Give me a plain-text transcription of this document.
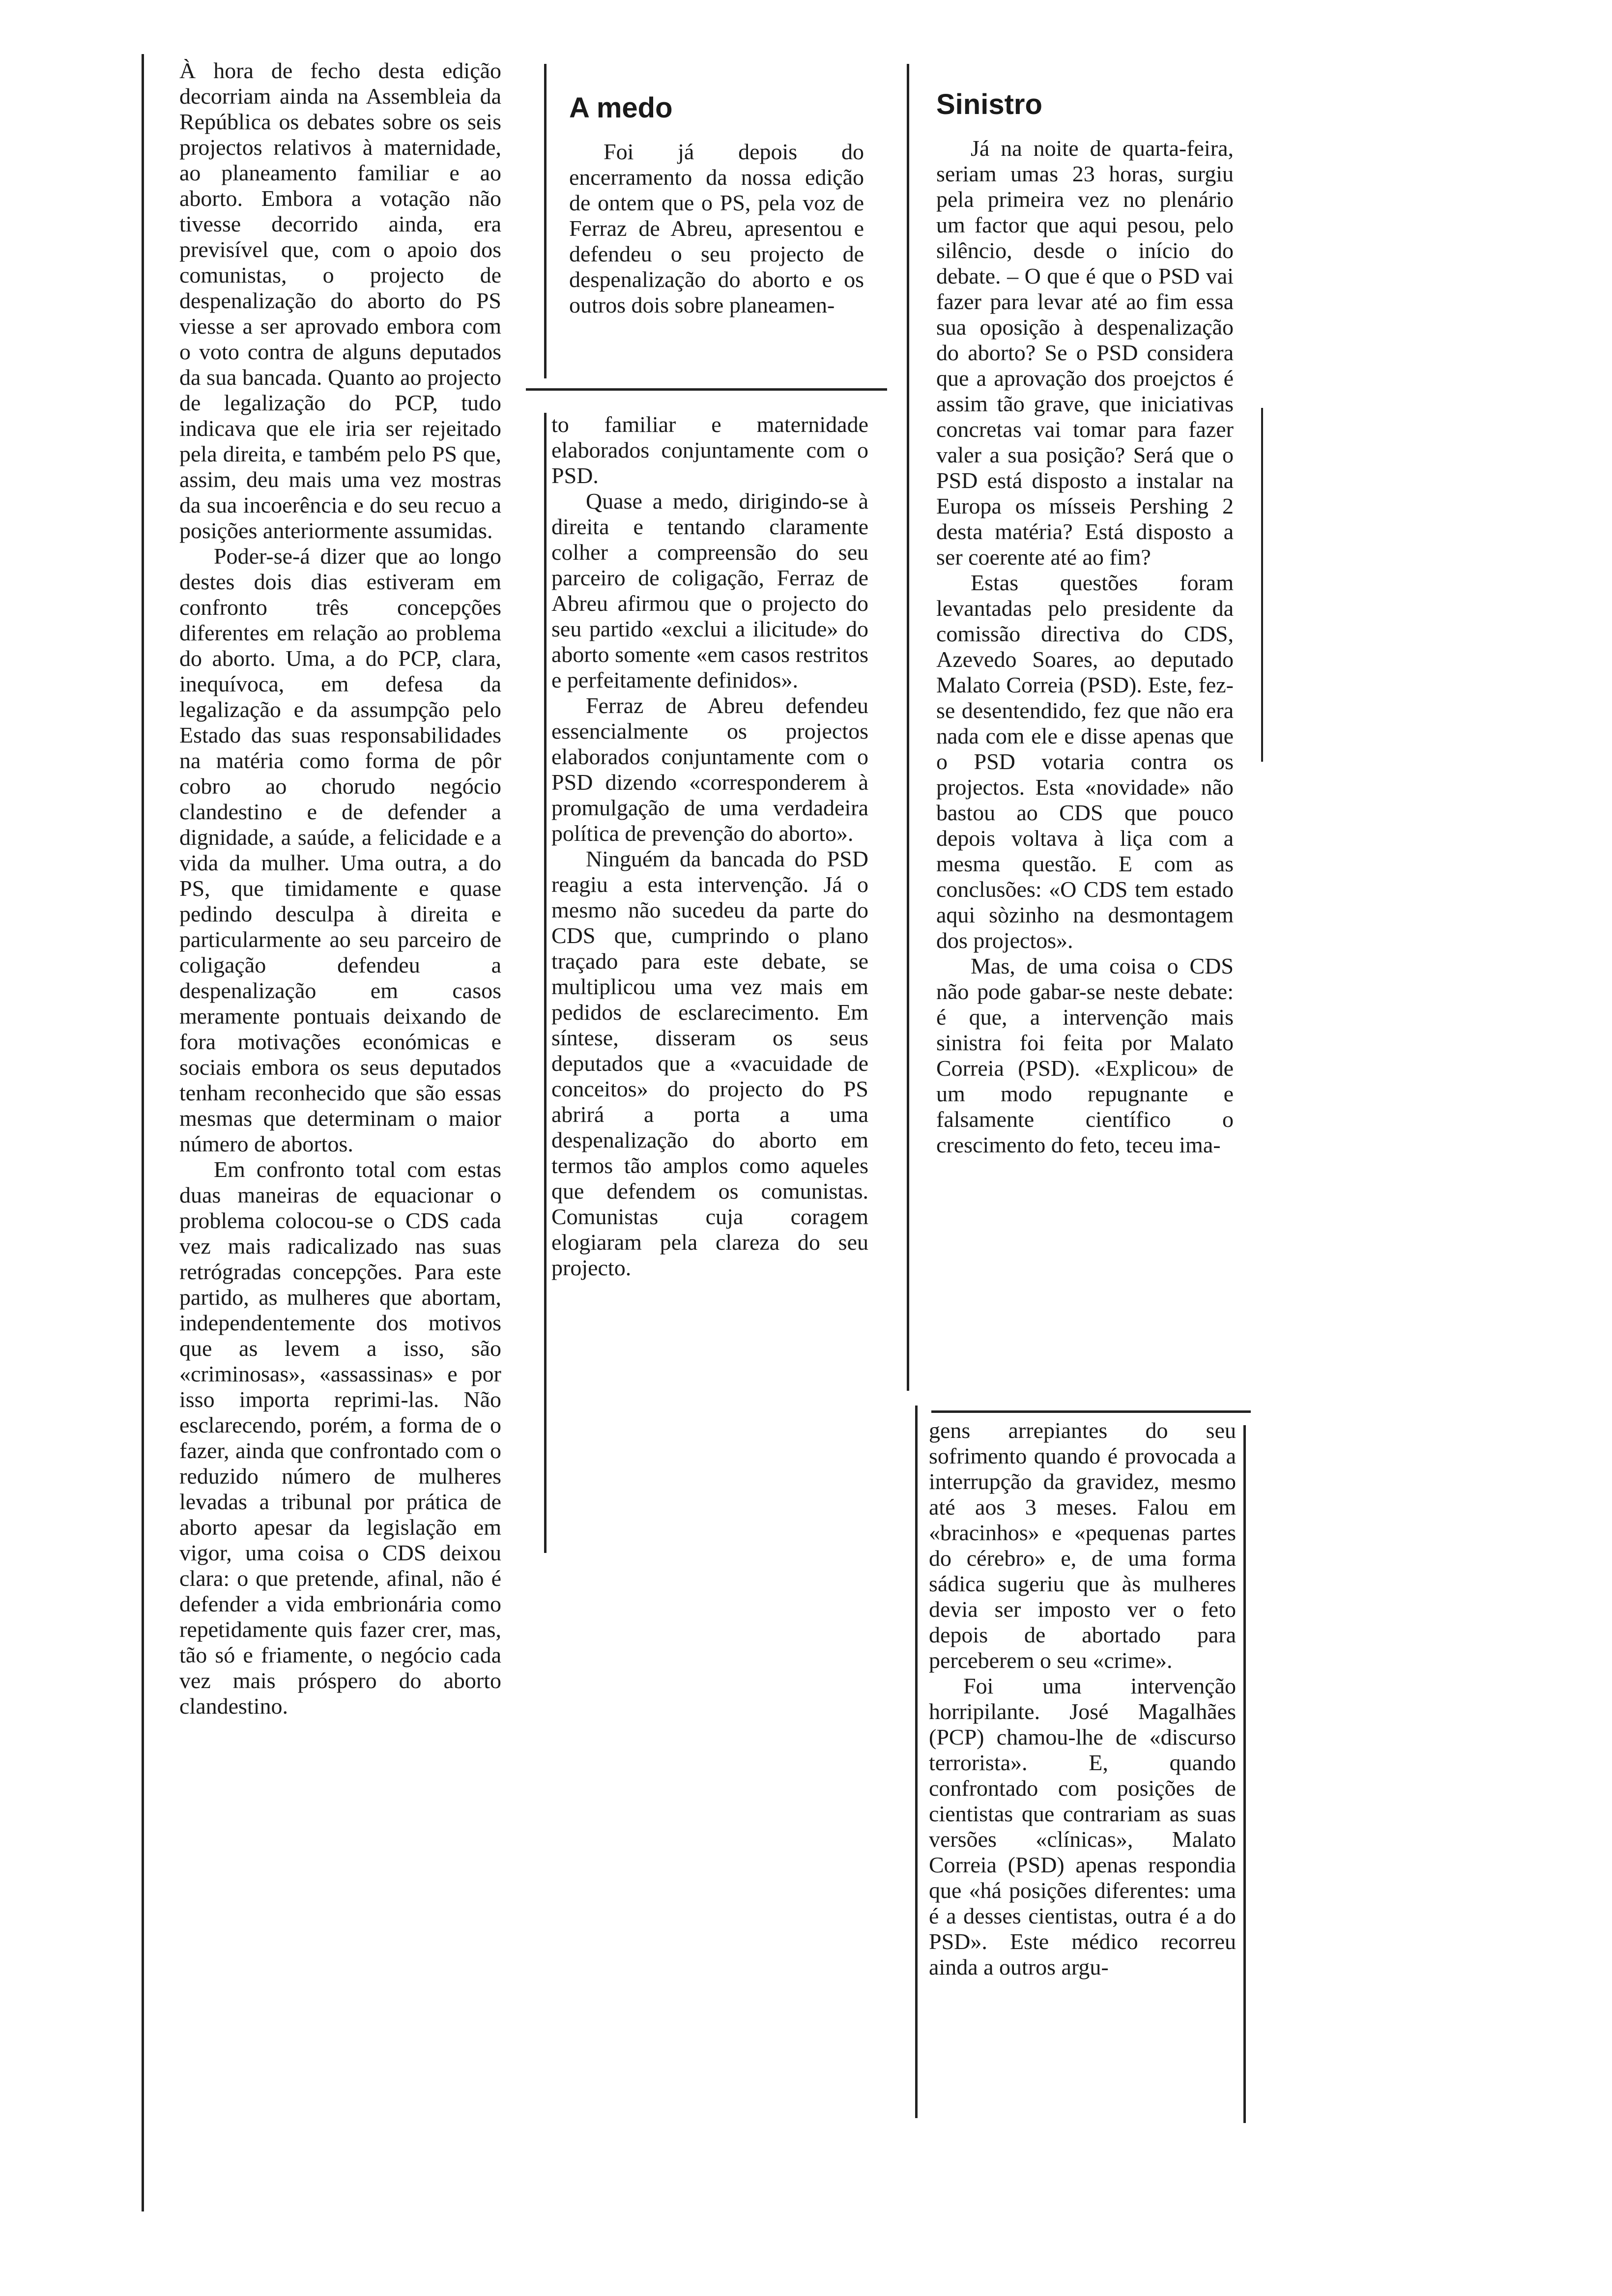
À hora de fecho desta edição decorriam ainda na Assembleia da República os debates sobre os seis projectos relativos à maternidade, ao planeamento familiar e ao aborto. Embora a votação não tivesse decorrido ainda, era previsível que, com o apoio dos comunistas, o projecto de despenalização do aborto do PS viesse a ser aprovado embora com o voto contra de alguns deputados da sua bancada. Quanto ao projecto de legalização do PCP, tudo indicava que ele iria ser rejeitado pela direita, e também pelo PS que, assim, deu mais uma vez mostras da sua incoerência e do seu recuo a posições anteriormente assumidas.

Poder-se-á dizer que ao longo destes dois dias estiveram em confronto três concepções diferentes em relação ao problema do aborto. Uma, a do PCP, clara, inequívoca, em defesa da legalização e da assumpção pelo Estado das suas responsabilidades na matéria como forma de pôr cobro ao chorudo negócio clandestino e de defender a dignidade, a saúde, a felicidade e a vida da mulher. Uma outra, a do PS, que timidamente e quase pedindo desculpa à direita e particularmente ao seu parceiro de coligação defendeu a despenalização em casos meramente pontuais deixando de fora motivações económicas e sociais embora os seus deputados tenham reconhecido que são essas mesmas que determinam o maior número de abortos.

Em confronto total com estas duas maneiras de equacionar o problema colocou-se o CDS cada vez mais radicalizado nas suas retrógradas concepções. Para este partido, as mulheres que abortam, independentemente dos motivos que as levem a isso, são «criminosas», «assassinas» e por isso importa reprimi-las. Não esclarecendo, porém, a forma de o fazer, ainda que confrontado com o reduzido número de mulheres levadas a tribunal por prática de aborto apesar da legislação em vigor, uma coisa o CDS deixou clara: o que pretende, afinal, não é defender a vida embrionária como repetidamente quis fazer crer, mas, tão só e friamente, o negócio cada vez mais próspero do aborto clandestino.

A medo

Foi já depois do encerramento da nossa edição de ontem que o PS, pela voz de Ferraz de Abreu, apresentou e defendeu o seu projecto de despenalização do aborto e os outros dois sobre planeamen-

to familiar e maternidade elaborados conjuntamente com o PSD.

Quase a medo, dirigindo-se à direita e tentando claramente colher a compreensão do seu parceiro de coligação, Ferraz de Abreu afirmou que o projecto do seu partido «exclui a ilicitude» do aborto somente «em casos restritos e perfeitamente definidos».

Ferraz de Abreu defendeu essencialmente os projectos elaborados conjuntamente com o PSD dizendo «corresponderem à promulgação de uma verdadeira política de prevenção do aborto».

Ninguém da bancada do PSD reagiu a esta intervenção. Já o mesmo não sucedeu da parte do CDS que, cumprindo o plano traçado para este debate, se multiplicou uma vez mais em pedidos de esclarecimento. Em síntese, disseram os seus deputados que a «vacuidade de conceitos» do projecto do PS abrirá a porta a uma despenalização do aborto em termos tão amplos como aqueles que defendem os comunistas. Comunistas cuja coragem elogiaram pela clareza do seu projecto.

Sinistro

Já na noite de quarta-feira, seriam umas 23 horas, surgiu pela primeira vez no plenário um factor que aqui pesou, pelo silêncio, desde o início do debate. – O que é que o PSD vai fazer para levar até ao fim essa sua oposição à despenalização do aborto? Se o PSD considera que a aprovação dos proejctos é assim tão grave, que iniciativas concretas vai tomar para fazer valer a sua posição? Será que o PSD está disposto a instalar na Europa os mísseis Pershing 2 desta matéria? Está disposto a ser coerente até ao fim?

Estas questões foram levantadas pelo presidente da comissão directiva do CDS, Azevedo Soares, ao deputado Malato Correia (PSD). Este, fez-se desentendido, fez que não era nada com ele e disse apenas que o PSD votaria contra os projectos. Esta «novidade» não bastou ao CDS que pouco depois voltava à liça com a mesma questão. E com as conclusões: «O CDS tem estado aqui sòzinho na desmontagem dos projectos».

Mas, de uma coisa o CDS não pode gabar-se neste debate: é que, a intervenção mais sinistra foi feita por Malato Correia (PSD). «Explicou» de um modo repugnante e falsamente científico o crescimento do feto, teceu ima-

gens arrepiantes do seu sofrimento quando é provocada a interrupção da gravidez, mesmo até aos 3 meses. Falou em «bracinhos» e «pequenas partes do cérebro» e, de uma forma sádica sugeriu que às mulheres devia ser imposto ver o feto depois de abortado para perceberem o seu «crime».

Foi uma intervenção horripilante. José Magalhães (PCP) chamou-lhe de «discurso terrorista». E, quando confrontado com posições de cientistas que contrariam as suas versões «clínicas», Malato Correia (PSD) apenas respondia que «há posições diferentes: uma é a desses cientistas, outra é a do PSD». Este médico recorreu ainda a outros argu-
